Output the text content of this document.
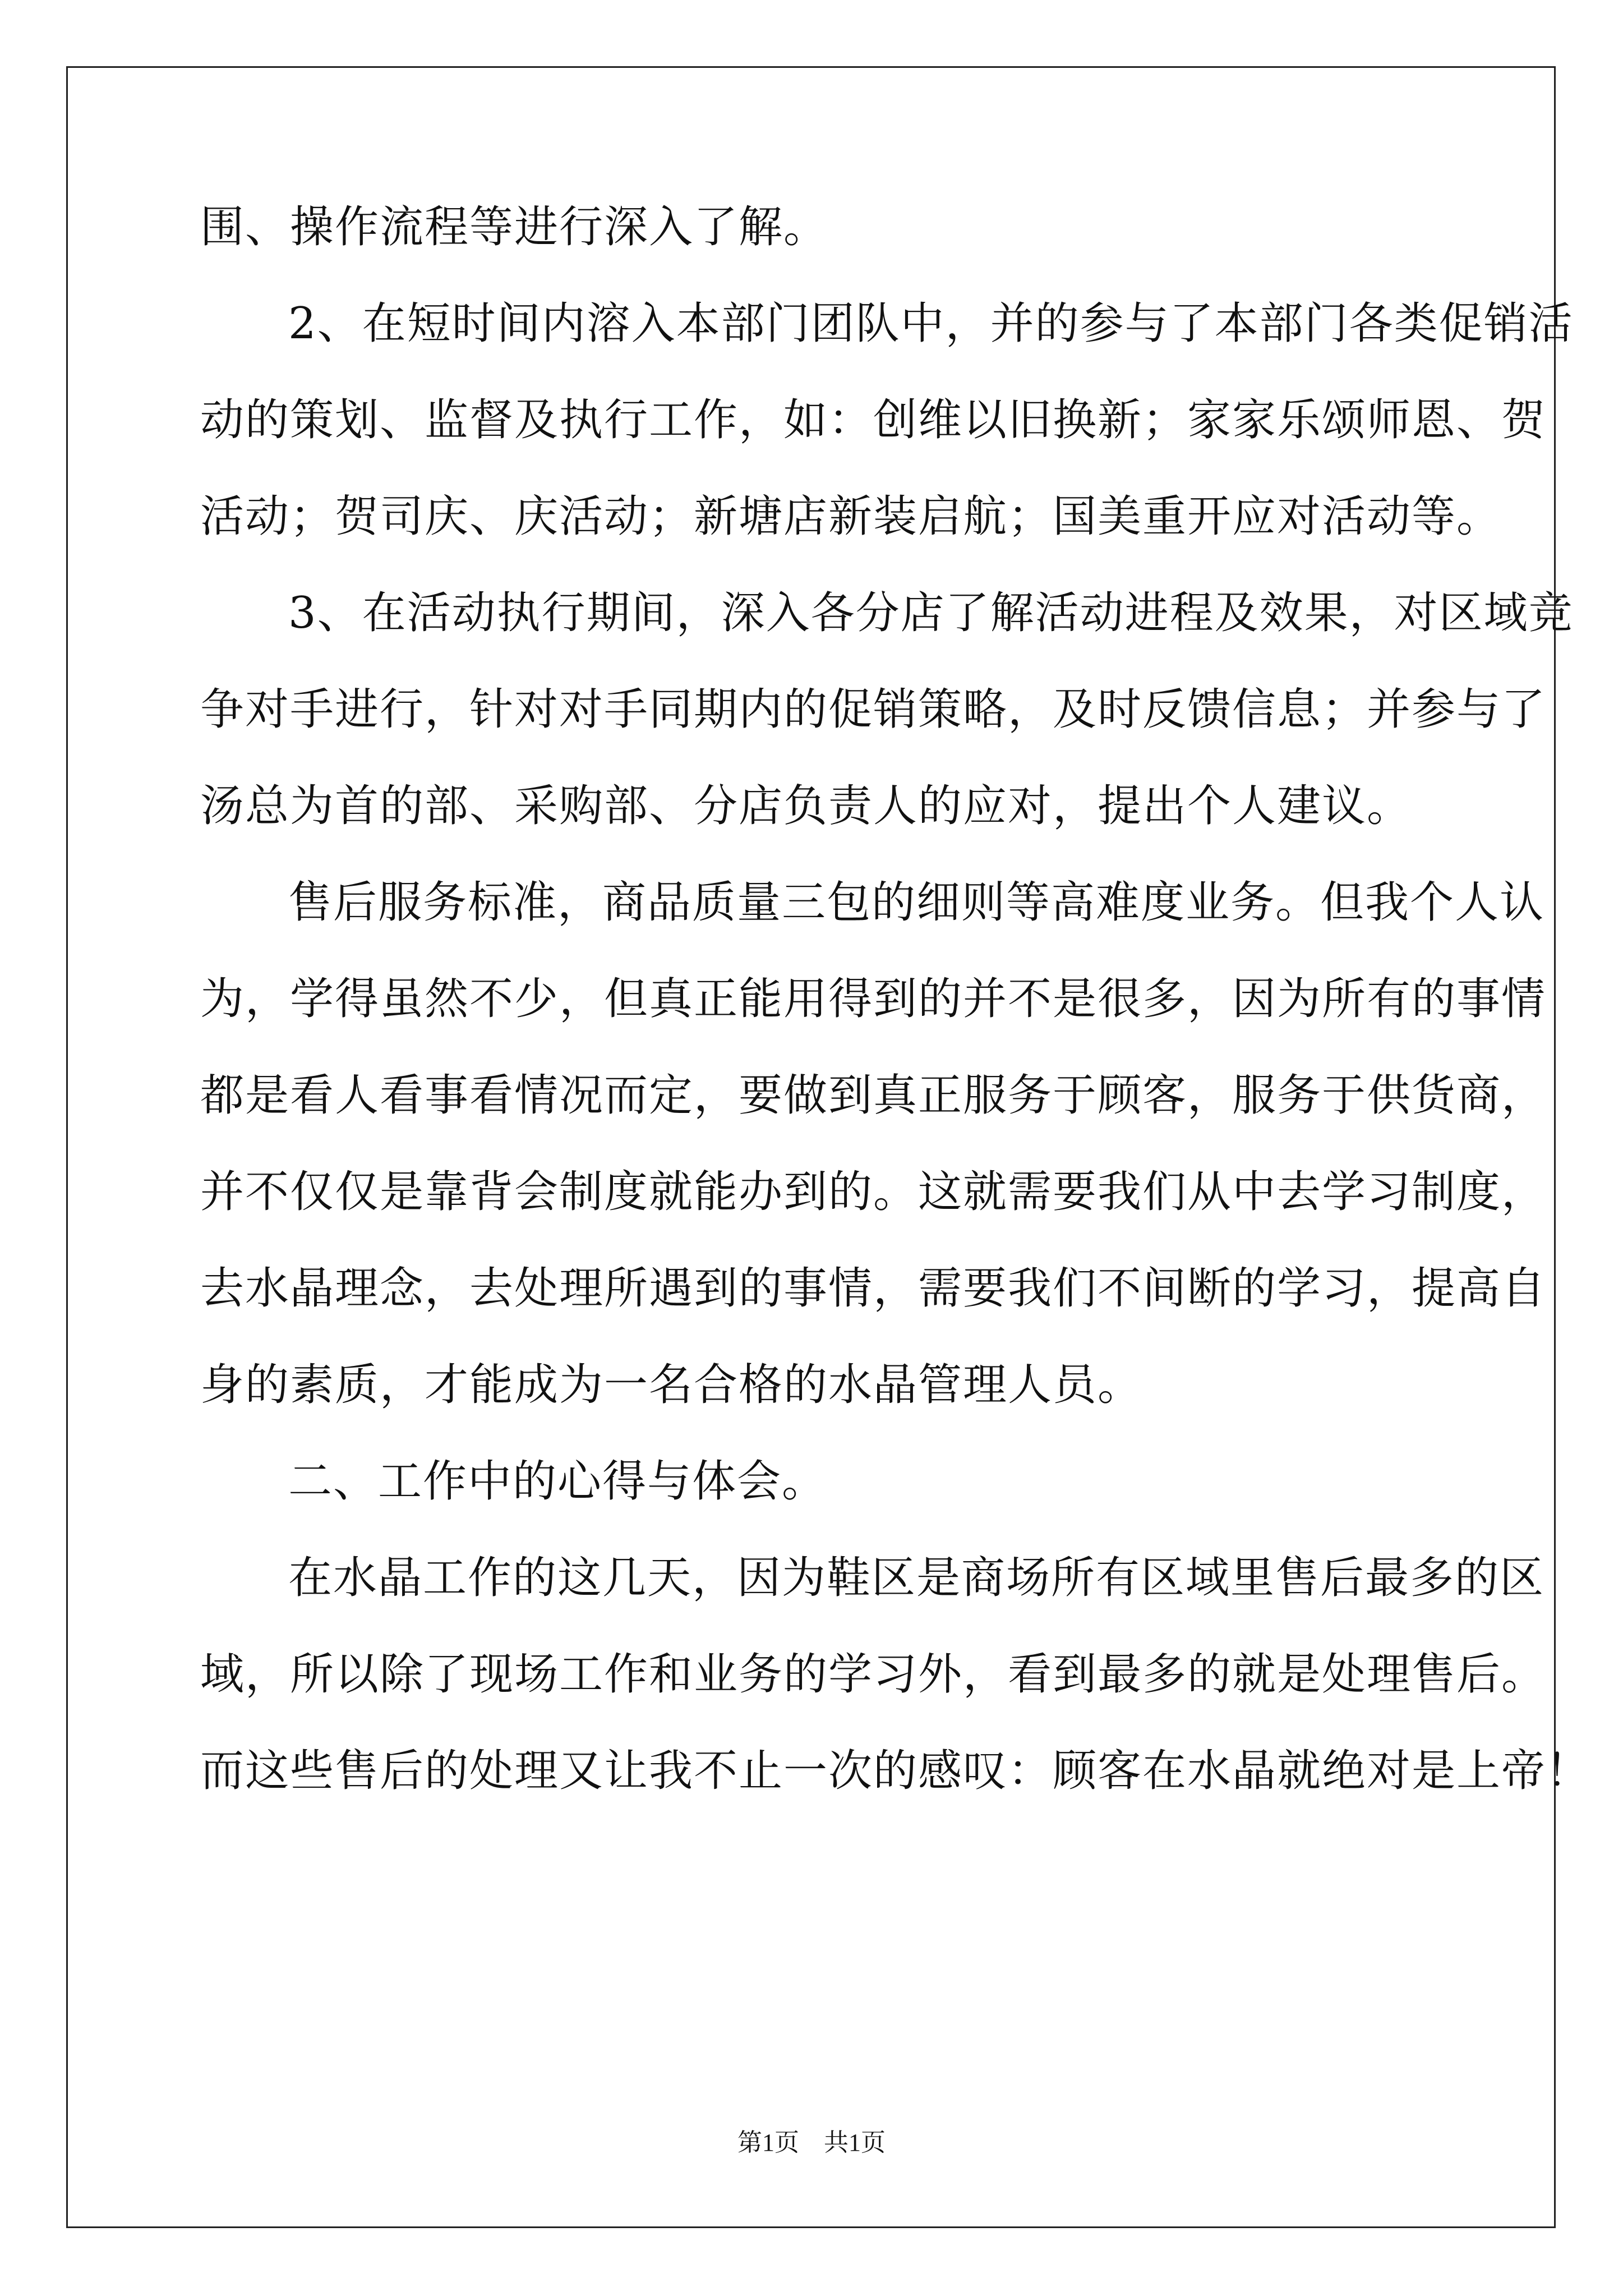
围、操作流程等进行深入了解。
2、在短时间内溶入本部门团队中，并的参与了本部门各类促销活
动的策划、监督及执行工作，如：创维以旧换新；家家乐颂师恩、贺
活动；贺司庆、庆活动；新塘店新装启航；国美重开应对活动等。
3、在活动执行期间，深入各分店了解活动进程及效果，对区域竞
争对手进行，针对对手同期内的促销策略，及时反馈信息；并参与了
汤总为首的部、采购部、分店负责人的应对，提出个人建议。
售后服务标准，商品质量三包的细则等高难度业务。但我个人认
为，学得虽然不少，但真正能用得到的并不是很多，因为所有的事情
都是看人看事看情况而定，要做到真正服务于顾客，服务于供货商，
并不仅仅是靠背会制度就能办到的。这就需要我们从中去学习制度，
去水晶理念，去处理所遇到的事情，需要我们不间断的学习，提高自
身的素质，才能成为一名合格的水晶管理人员。
二、工作中的心得与体会。
在水晶工作的这几天，因为鞋区是商场所有区域里售后最多的区
域，所以除了现场工作和业务的学习外，看到最多的就是处理售后。
而这些售后的处理又让我不止一次的感叹：顾客在水晶就绝对是上帝！
第1页　共1页
